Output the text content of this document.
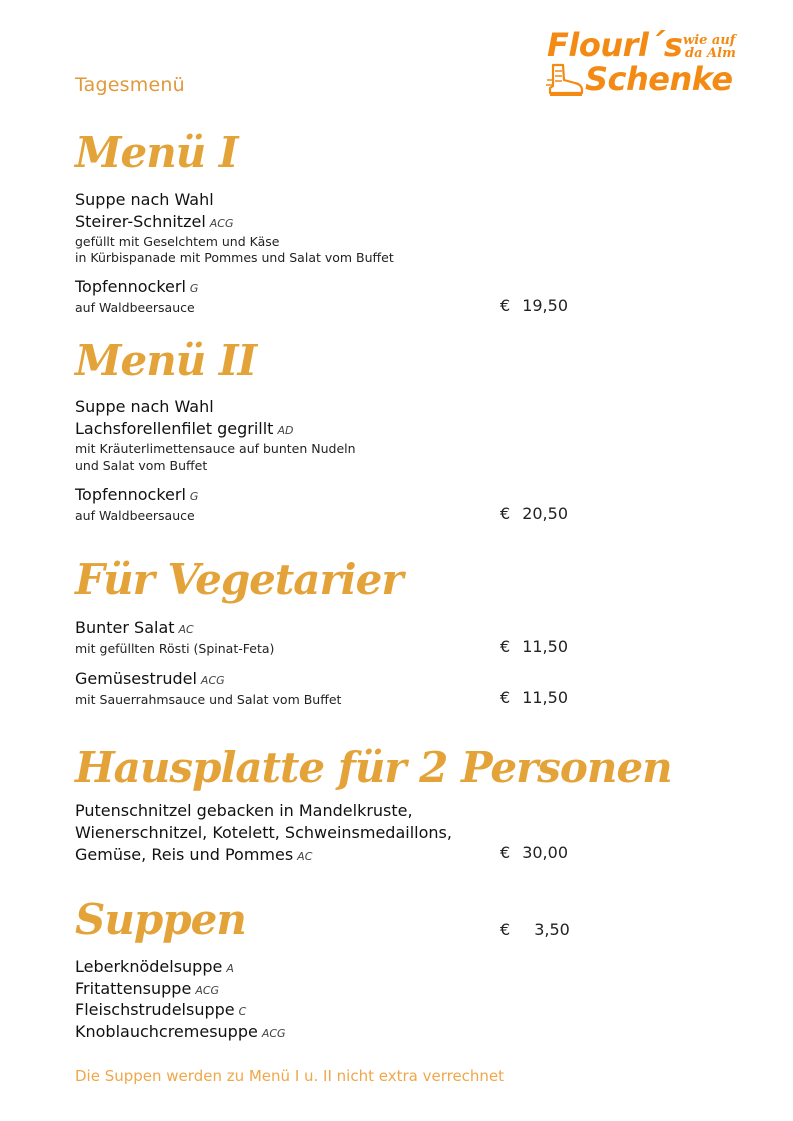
Tagesmenü
Flourl´s wie auf
da Alm
Schenke
Menü I
Suppe nach Wahl
Steirer-Schnitzel ACG
gefüllt mit Geselchtem und Käse
in Kürbispanade mit Pommes und Salat vom Buffet
Topfennockerl G
auf Waldbeersauce	€ 19,50
Menü II
Suppe nach Wahl
Lachsforellenfilet gegrillt AD
mit Kräuterlimettensauce auf bunten Nudeln
und Salat vom Buffet
Topfennockerl G
auf Waldbeersauce	€ 20,50
Für Vegetarier
Bunter Salat AC
mit gefüllten Rösti (Spinat-Feta)	€ 11,50
Gemüsestrudel ACG
mit Sauerrahmsauce und Salat vom Buffet	€ 11,50
Hausplatte für 2 Personen
Putenschnitzel gebacken in Mandelkruste,
Wienerschnitzel, Kotelett, Schweinsmedaillons,
Gemüse, Reis und Pommes AC	€ 30,00
Suppen	€ 3,50
Leberknödelsuppe A
Fritattensuppe ACG
Fleischstrudelsuppe C
Knoblauchcremesuppe ACG
Die Suppen werden zu Menü I u. II nicht extra verrechnet
